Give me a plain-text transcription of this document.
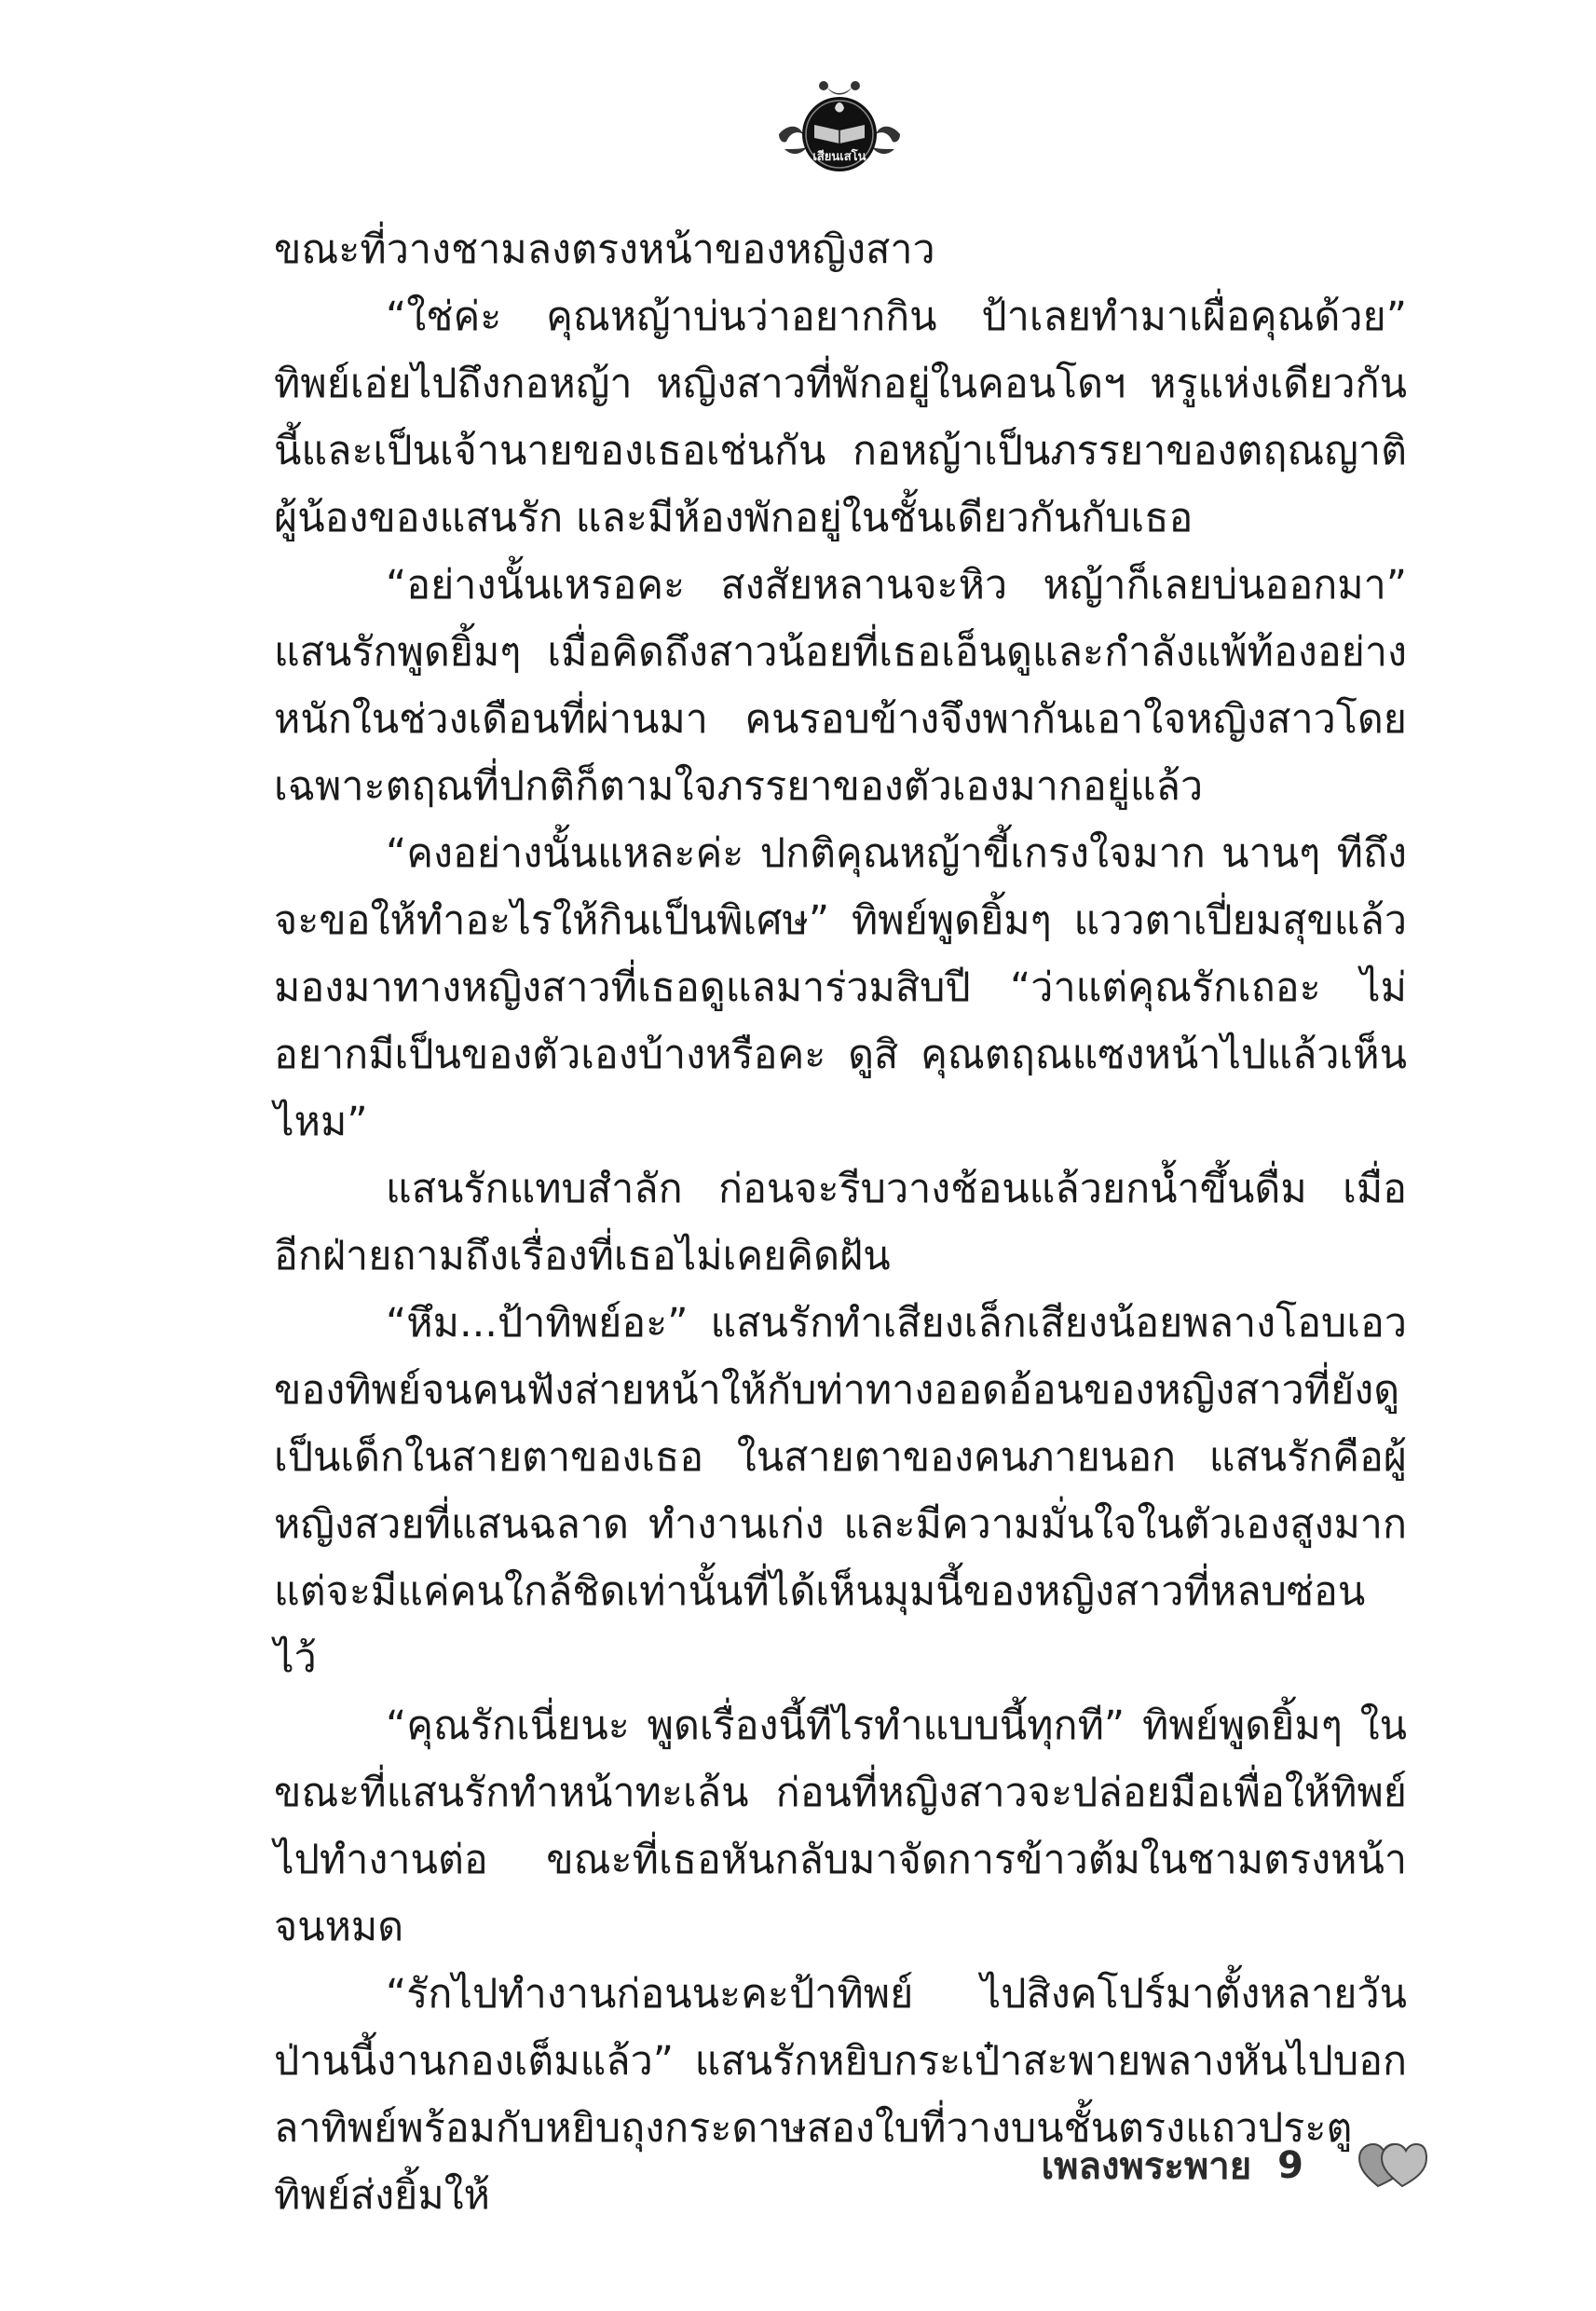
เสียนเสโน

ขณะที่วางชามลงตรงหน้าของหญิงสาว

“ใช่ค่ะ คุณหญ้าบ่นว่าอยากกิน ป้าเลยทำมาเผื่อคุณด้วย” ทิพย์เอ่ยไปถึงกอหญ้า หญิงสาวที่พักอยู่ในคอนโดฯ หรูแห่งเดียวกันนี้และเป็นเจ้านายของเธอเช่นกัน กอหญ้าเป็นภรรยาของตฤณญาติผู้น้องของแสนรัก และมีห้องพักอยู่ในชั้นเดียวกันกับเธอ

“อย่างนั้นเหรอคะ สงสัยหลานจะหิว หญ้าก็เลยบ่นออกมา” แสนรักพูดยิ้มๆ เมื่อคิดถึงสาวน้อยที่เธอเอ็นดูและกำลังแพ้ท้องอย่างหนักในช่วงเดือนที่ผ่านมา คนรอบข้างจึงพากันเอาใจหญิงสาวโดยเฉพาะตฤณที่ปกติก็ตามใจภรรยาของตัวเองมากอยู่แล้ว

“คงอย่างนั้นแหละค่ะ ปกติคุณหญ้าขี้เกรงใจมาก นานๆ ทีถึงจะขอให้ทำอะไรให้กินเป็นพิเศษ” ทิพย์พูดยิ้มๆ แววตาเปี่ยมสุขแล้วมองมาทางหญิงสาวที่เธอดูแลมาร่วมสิบปี “ว่าแต่คุณรักเถอะ ไม่อยากมีเป็นของตัวเองบ้างหรือคะ ดูสิ คุณตฤณแซงหน้าไปแล้วเห็นไหม”

แสนรักแทบสำลัก ก่อนจะรีบวางช้อนแล้วยกน้ำขึ้นดื่ม เมื่ออีกฝ่ายถามถึงเรื่องที่เธอไม่เคยคิดฝัน

“หึม...ป้าทิพย์อะ” แสนรักทำเสียงเล็กเสียงน้อยพลางโอบเอวของทิพย์จนคนฟังส่ายหน้าให้กับท่าทางออดอ้อนของหญิงสาวที่ยังดูเป็นเด็กในสายตาของเธอ ในสายตาของคนภายนอก แสนรักคือผู้หญิงสวยที่แสนฉลาด ทำงานเก่ง และมีความมั่นใจในตัวเองสูงมาก แต่จะมีแค่คนใกล้ชิดเท่านั้นที่ได้เห็นมุมนี้ของหญิงสาวที่หลบซ่อนไว้

“คุณรักเนี่ยนะ พูดเรื่องนี้ทีไรทำแบบนี้ทุกที” ทิพย์พูดยิ้มๆ ในขณะที่แสนรักทำหน้าทะเล้น ก่อนที่หญิงสาวจะปล่อยมือเพื่อให้ทิพย์ไปทำงานต่อ ขณะที่เธอหันกลับมาจัดการข้าวต้มในชามตรงหน้าจนหมด

“รักไปทำงานก่อนนะคะป้าทิพย์ ไปสิงคโปร์มาตั้งหลายวัน ป่านนี้งานกองเต็มแล้ว” แสนรักหยิบกระเป๋าสะพายพลางหันไปบอกลาทิพย์พร้อมกับหยิบถุงกระดาษสองใบที่วางบนชั้นตรงแถวประตู ทิพย์ส่งยิ้มให้

เพลงพระพาย 9
